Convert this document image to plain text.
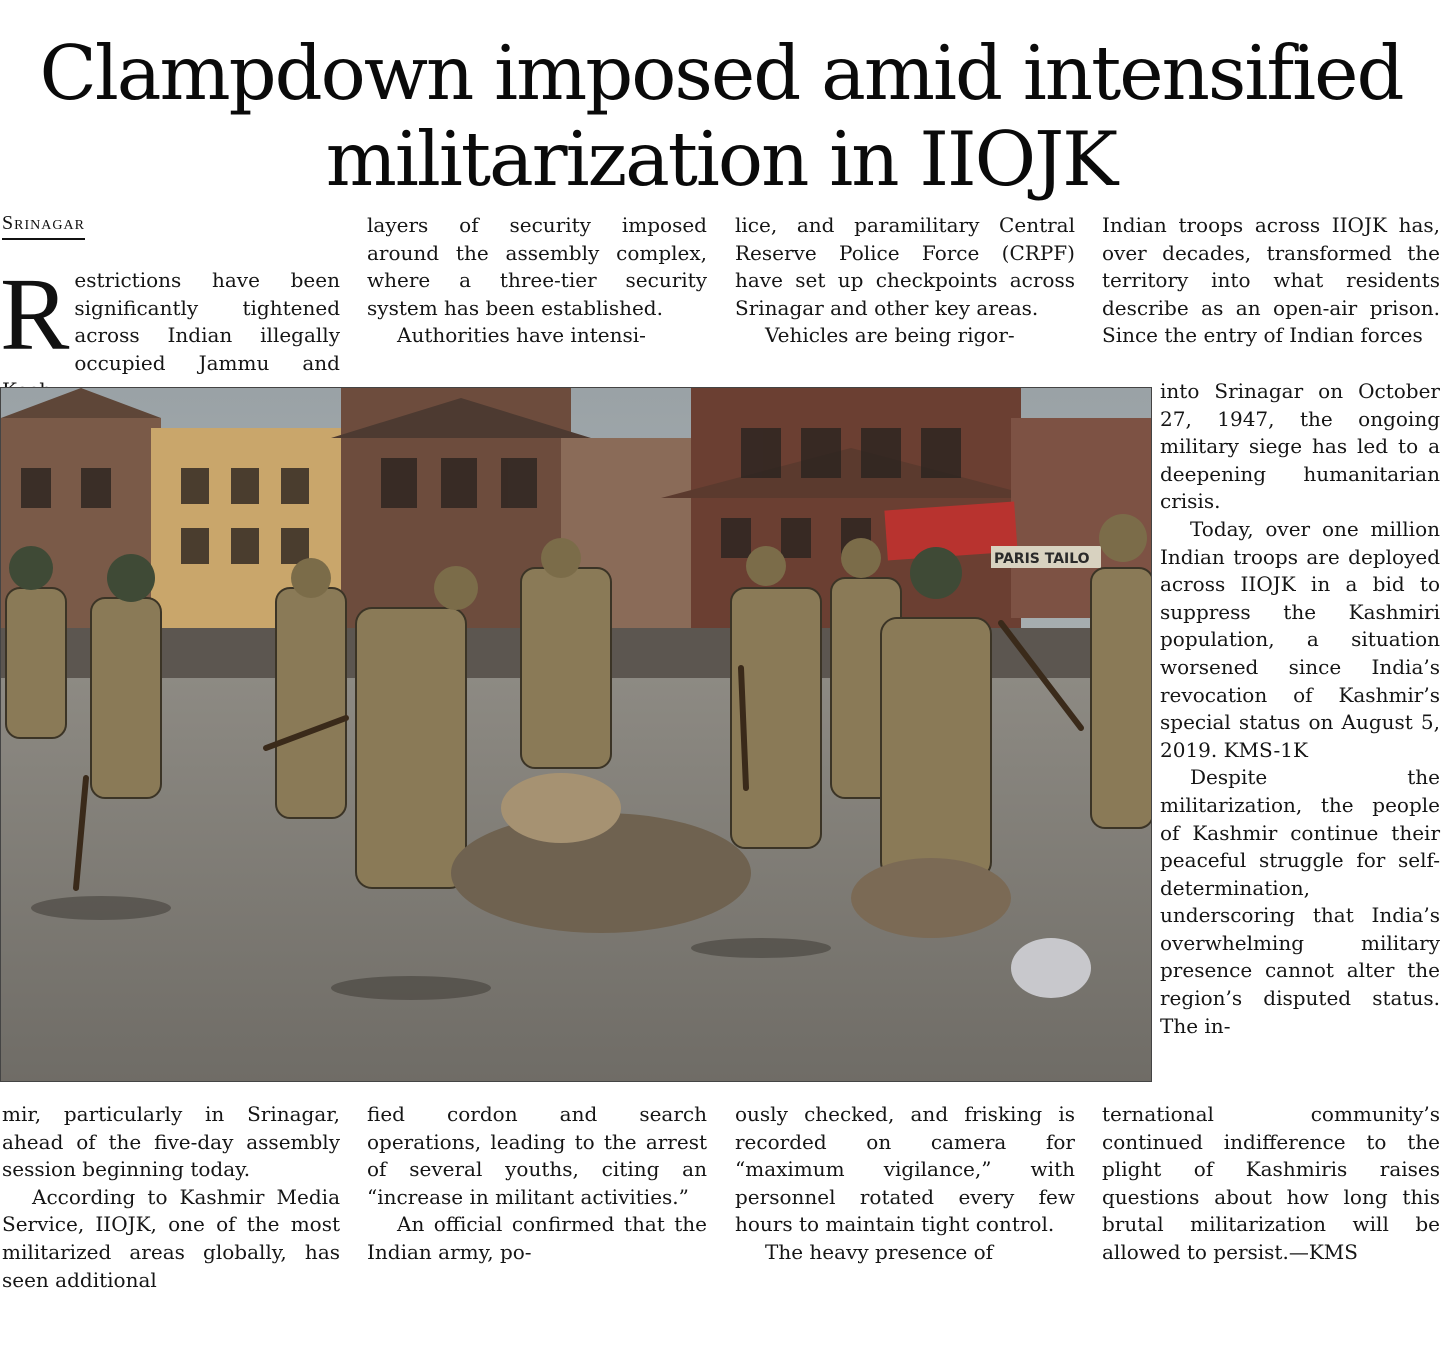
Clampdown imposed amid intensified
militarization in IIOJK
Srinagar

Restrictions have been significantly tightened across Indian illegally occupied Jammu and

layers of security imposed around the assembly complex, where a three-tier security system has been established.

Authorities have intensi-

lice, and paramilitary Central Reserve Police Force (CRPF) have set up checkpoints across Srinagar and other key areas.

Vehicles are being rigor-

Indian troops across IIOJK has, over decades, transformed the territory into what residents describe as an open-air prison. Since the entry of Indian forces

into Srinagar on October 27, 1947, the ongoing military siege has led to a deepening humanitarian crisis.

Today, over one million Indian troops are deployed across IIOJK in a bid to suppress the Kashmiri population, a situation worsened since India’s revocation of Kashmir’s special status on August 5, 2019. KMS-1K

Despite the militarization, the people of Kashmir continue their peaceful struggle for self-determination, underscoring that India’s overwhelming military presence cannot alter the region’s disputed status. The in-

PARIS TAILO

mir, particularly in Srinagar, ahead of the five-day assembly session beginning today.

According to Kashmir Media Service, IIOJK, one of the most militarized areas globally, has seen additional

fied cordon and search operations, leading to the arrest of several youths, citing an “increase in militant activities.”

An official confirmed that the Indian army, po-

ously checked, and frisking is recorded on camera for “maximum vigilance,” with personnel rotated every few hours to maintain tight control.

The heavy presence of

ternational community’s continued indifference to the plight of Kashmiris raises questions about how long this brutal militarization will be allowed to persist.—KMS
